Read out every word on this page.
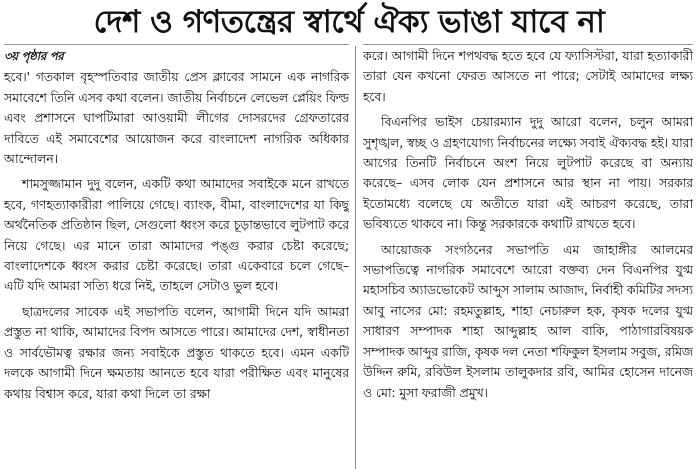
দেশ ও গণতন্ত্রের স্বার্থে ঐক্য ভাঙা যাবে না
৩য় পৃষ্ঠার পর

হবে।' গতকাল বৃহস্পতিবার জাতীয় প্রেস ক্লাবের সামনে এক নাগরিক সমাবেশে তিনি এসব কথা বলেন। জাতীয় নির্বাচনে লেভেল প্লেয়িং ফিল্ড এবং প্রশাসনে ঘাপটিমারা আওয়ামী লীগের দোসরদের গ্রেফতারের দাবিতে এই সমাবেশের আয়োজন করে বাংলাদেশ নাগরিক অধিকার আন্দোলন।

শামসুজ্জামান দুদু বলেন, একটি কথা আমাদের সবাইকে মনে রাখতে হবে, গণহত্যাকারীরা পালিয়ে গেছে। ব্যাংক, বীমা, বাংলাদেশের যা কিছু অর্থনৈতিক প্রতিষ্ঠান ছিল, সেগুলো ধ্বংস করে চূড়ান্তভাবে লুটপাট করে নিয়ে গেছে। এর মানে তারা আমাদের পঙ্গু করার চেষ্টা করেছে; বাংলাদেশকে ধ্বংস করার চেষ্টা করেছে। তারা একেবারে চলে গেছে– এটি যদি আমরা সত্যি ধরে নিই, তাহলে সেটাও ভুল হবে।

ছাত্রদলের সাবেক এই সভাপতি বলেন, আগামী দিনে যদি আমরা প্রস্তুত না থাকি, আমাদের বিপদ আসতে পারে। আমাদের দেশ, স্বাধীনতা ও সার্বভৌমত্ব রক্ষার জন্য সবাইকে প্রস্তুত থাকতে হবে। এমন একটি দলকে আগামী দিনে ক্ষমতায় আনতে হবে যারা পরীক্ষিত এবং মানুষের কথায় বিশ্বাস করে, যারা কথা দিলে তা রক্ষা

করে। আগামী দিনে শপথবদ্ধ হতে হবে যে ফ্যাসিস্টরা, যারা হত্যাকারী তারা যেন কখনো ফেরত আসতে না পারে; সেটাই আমাদের লক্ষ্য হবে।

বিএনপির ভাইস চেয়ারম্যান দুদু আরো বলেন, চলুন আমরা সুশৃঙ্খল, স্বচ্ছ ও গ্রহণযোগ্য নির্বাচনের লক্ষ্যে সবাই ঐক্যবদ্ধ হই। যারা আগের তিনটি নির্বাচনে অংশ নিয়ে লুটপাট করেছে বা অন্যায় করেছে– এসব লোক যেন প্রশাসনে আর স্থান না পায়। সরকার ইতোমধ্যে বলেছে যে অতীতে যারা এই আচরণ করেছে, তারা ভবিষ্যতে থাকবে না। কিন্তু সরকারকে কথাটি রাখতে হবে।

আয়োজক সংগঠনের সভাপতি এম জাহাঙ্গীর আলমের সভাপতিত্বে নাগরিক সমাবেশে আরো বক্তব্য দেন বিএনপির যুগ্ম মহাসচিব অ্যাডভোকেট আব্দুস সালাম আজাদ, নির্বাহী কমিটির সদস্য আবু নাসের মো: রহমতুল্লাহ, শাহা নেচারুল হক, কৃষক দলের যুগ্ম সাধারণ সম্পাদক শাহা আব্দুল্লাহ আল বাকি, পাঠাগারবিষয়ক সম্পাদক আব্দুর রাজি, কৃষক দল নেতা শফিকুল ইসলাম সবুজ, রমিজ উদ্দিন রুমি, রবিউল ইসলাম তালুকদার রবি, আমির হোসেন দানেজ ও মো: মুসা ফরাজী প্রমুখ।
